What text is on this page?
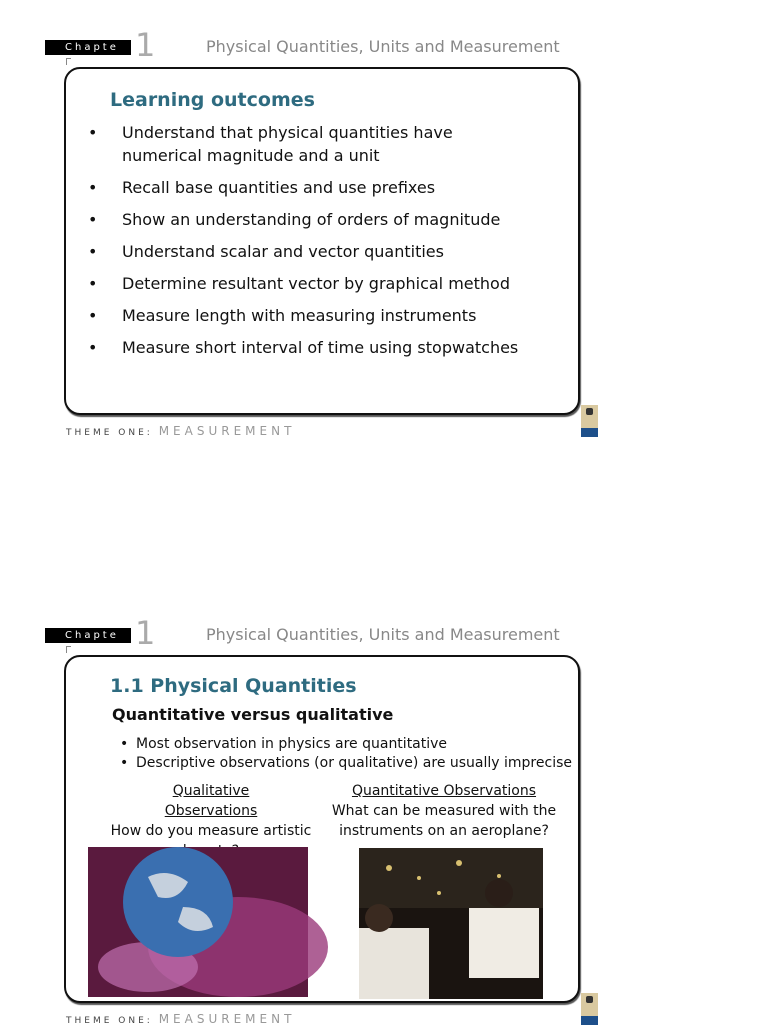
Chapte 1	Physical Quantities, Units and Measurement
Learning outcomes
• Understand that physical quantities have numerical magnitude and a unit
• Recall base quantities and use prefixes
• Show an understanding of orders of magnitude
• Understand scalar and vector quantities
• Determine resultant vector by graphical method
• Measure length with measuring instruments
• Measure short interval of time using stopwatches
THEME ONE: MEASUREMENT
Chapte 1	Physical Quantities, Units and Measurement
1.1 Physical Quantities
Quantitative versus qualitative
• Most observation in physics are quantitative
• Descriptive observations (or qualitative) are usually imprecise
Qualitative Observations
How do you measure artistic
Quantitative Observations
What can be measured with the instruments on an aeroplane?
THEME ONE: MEASUREMENT
